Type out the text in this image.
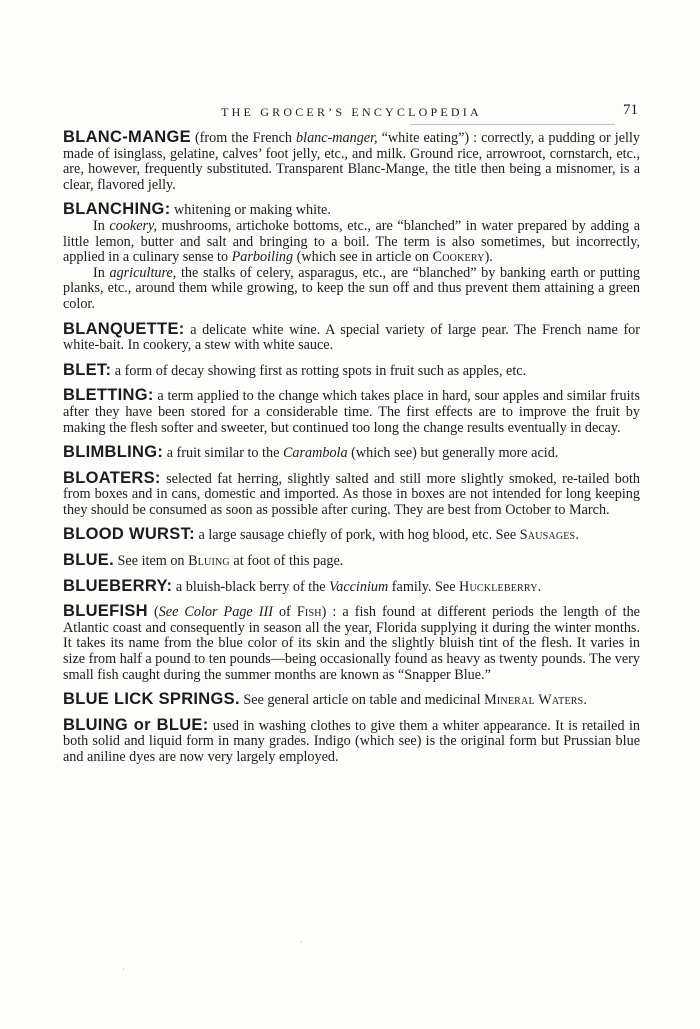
THE GROCER’S ENCYCLOPEDIA	71
BLANC-MANGE (from the French blanc-manger, “white eating”) : correctly, a pudding or jelly made of isinglass, gelatine, calves’ foot jelly, etc., and milk. Ground rice, arrowroot, cornstarch, etc., are, however, frequently substituted. Transparent Blanc-Mange, the title then being a misnomer, is a clear, flavored jelly.
BLANCHING: whitening or making white.
In cookery, mushrooms, artichoke bottoms, etc., are “blanched” in water prepared by adding a little lemon, butter and salt and bringing to a boil. The term is also sometimes, but incorrectly, applied in a culinary sense to Parboiling (which see in article on Cookery).
In agriculture, the stalks of celery, asparagus, etc., are “blanched” by banking earth or putting planks, etc., around them while growing, to keep the sun off and thus prevent them attaining a green color.
BLANQUETTE: a delicate white wine. A special variety of large pear. The French name for white-bait. In cookery, a stew with white sauce.
BLET: a form of decay showing first as rotting spots in fruit such as apples, etc.
BLETTING: a term applied to the change which takes place in hard, sour apples and similar fruits after they have been stored for a considerable time. The first effects are to improve the fruit by making the flesh softer and sweeter, but continued too long the change results eventually in decay.
BLIMBLING: a fruit similar to the Carambola (which see) but generally more acid.
BLOATERS: selected fat herring, slightly salted and still more slightly smoked, re-tailed both from boxes and in cans, domestic and imported. As those in boxes are not intended for long keeping they should be consumed as soon as possible after curing. They are best from October to March.
BLOOD WURST: a large sausage chiefly of pork, with hog blood, etc. See Sausages.
BLUE. See item on Bluing at foot of this page.
BLUEBERRY: a bluish-black berry of the Vaccinium family. See Huckleberry.
BLUEFISH (See Color Page III of Fish) : a fish found at different periods the length of the Atlantic coast and consequently in season all the year, Florida supplying it during the winter months. It takes its name from the blue color of its skin and the slightly bluish tint of the flesh. It varies in size from half a pound to ten pounds—being occasionally found as heavy as twenty pounds. The very small fish caught during the summer months are known as “Snapper Blue.”
BLUE LICK SPRINGS. See general article on table and medicinal Mineral Waters.
BLUING or BLUE: used in washing clothes to give them a whiter appearance. It is retailed in both solid and liquid form in many grades. Indigo (which see) is the original form but Prussian blue and aniline dyes are now very largely employed.
·
·
